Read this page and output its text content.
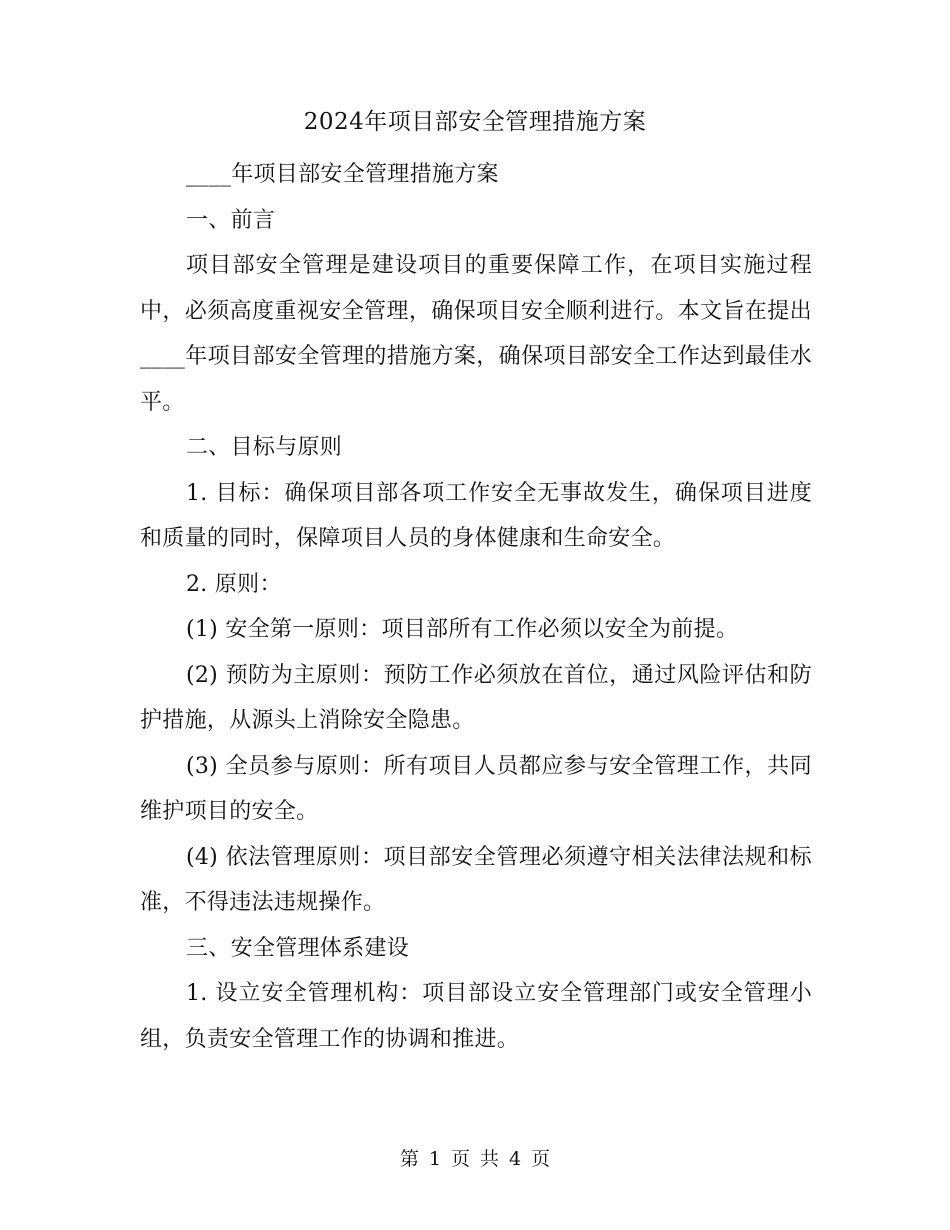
2024年项目部安全管理措施方案

____年项目部安全管理措施方案

一、前言

项目部安全管理是建设项目的重要保障工作，在项目实施过程中，必须高度重视安全管理，确保项目安全顺利进行。本文旨在提出____年项目部安全管理的措施方案，确保项目部安全工作达到最佳水平。

二、目标与原则

1. 目标：确保项目部各项工作安全无事故发生，确保项目进度和质量的同时，保障项目人员的身体健康和生命安全。

2. 原则：

(1) 安全第一原则：项目部所有工作必须以安全为前提。

(2) 预防为主原则：预防工作必须放在首位，通过风险评估和防护措施，从源头上消除安全隐患。

(3) 全员参与原则：所有项目人员都应参与安全管理工作，共同维护项目的安全。

(4) 依法管理原则：项目部安全管理必须遵守相关法律法规和标准，不得违法违规操作。

三、安全管理体系建设

1. 设立安全管理机构：项目部设立安全管理部门或安全管理小组，负责安全管理工作的协调和推进。

第 1 页 共 4 页
